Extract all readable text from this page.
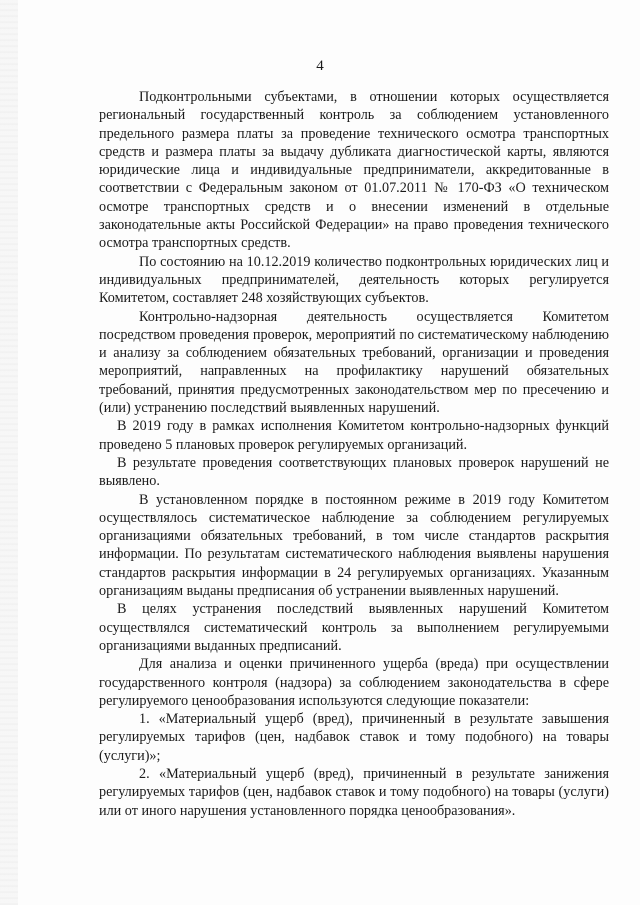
4

Подконтрольными субъектами, в отношении которых осуществляется региональный государственный контроль за соблюдением установленного предельного размера платы за проведение технического осмотра транспортных средств и размера платы за выдачу дубликата диагностической карты, являются юридические лица и индивидуальные предприниматели, аккредитованные в соответствии с Федеральным законом от 01.07.2011 № 170-ФЗ «О техническом осмотре транспортных средств и о внесении изменений в отдельные законодательные акты Российской Федерации» на право проведения технического осмотра транспортных средств.

По состоянию на 10.12.2019 количество подконтрольных юридических лиц и индивидуальных предпринимателей, деятельность которых регулируется Комитетом, составляет 248 хозяйствующих субъектов.

Контрольно-надзорная деятельность осуществляется Комитетом посредством проведения проверок, мероприятий по систематическому наблюдению и анализу за соблюдением обязательных требований, организации и проведения мероприятий, направленных на профилактику нарушений обязательных требований, принятия предусмотренных законодательством мер по пресечению и (или) устранению последствий выявленных нарушений.

В 2019 году в рамках исполнения Комитетом контрольно-надзорных функций проведено 5 плановых проверок регулируемых организаций.

В результате проведения соответствующих плановых проверок нарушений не выявлено.

В установленном порядке в постоянном режиме в 2019 году Комитетом осуществлялось систематическое наблюдение за соблюдением регулируемых организациями обязательных требований, в том числе стандартов раскрытия информации. По результатам систематического наблюдения выявлены нарушения стандартов раскрытия информации в 24 регулируемых организациях. Указанным организациям выданы предписания об устранении выявленных нарушений.

В целях устранения последствий выявленных нарушений Комитетом осуществлялся систематический контроль за выполнением регулируемыми организациями выданных предписаний.

Для анализа и оценки причиненного ущерба (вреда) при осуществлении государственного контроля (надзора) за соблюдением законодательства в сфере регулируемого ценообразования используются следующие показатели:

1. «Материальный ущерб (вред), причиненный в результате завышения регулируемых тарифов (цен, надбавок ставок и тому подобного) на товары (услуги)»;

2. «Материальный ущерб (вред), причиненный в результате занижения регулируемых тарифов (цен, надбавок ставок и тому подобного) на товары (услуги) или от иного нарушения установленного порядка ценообразования».
